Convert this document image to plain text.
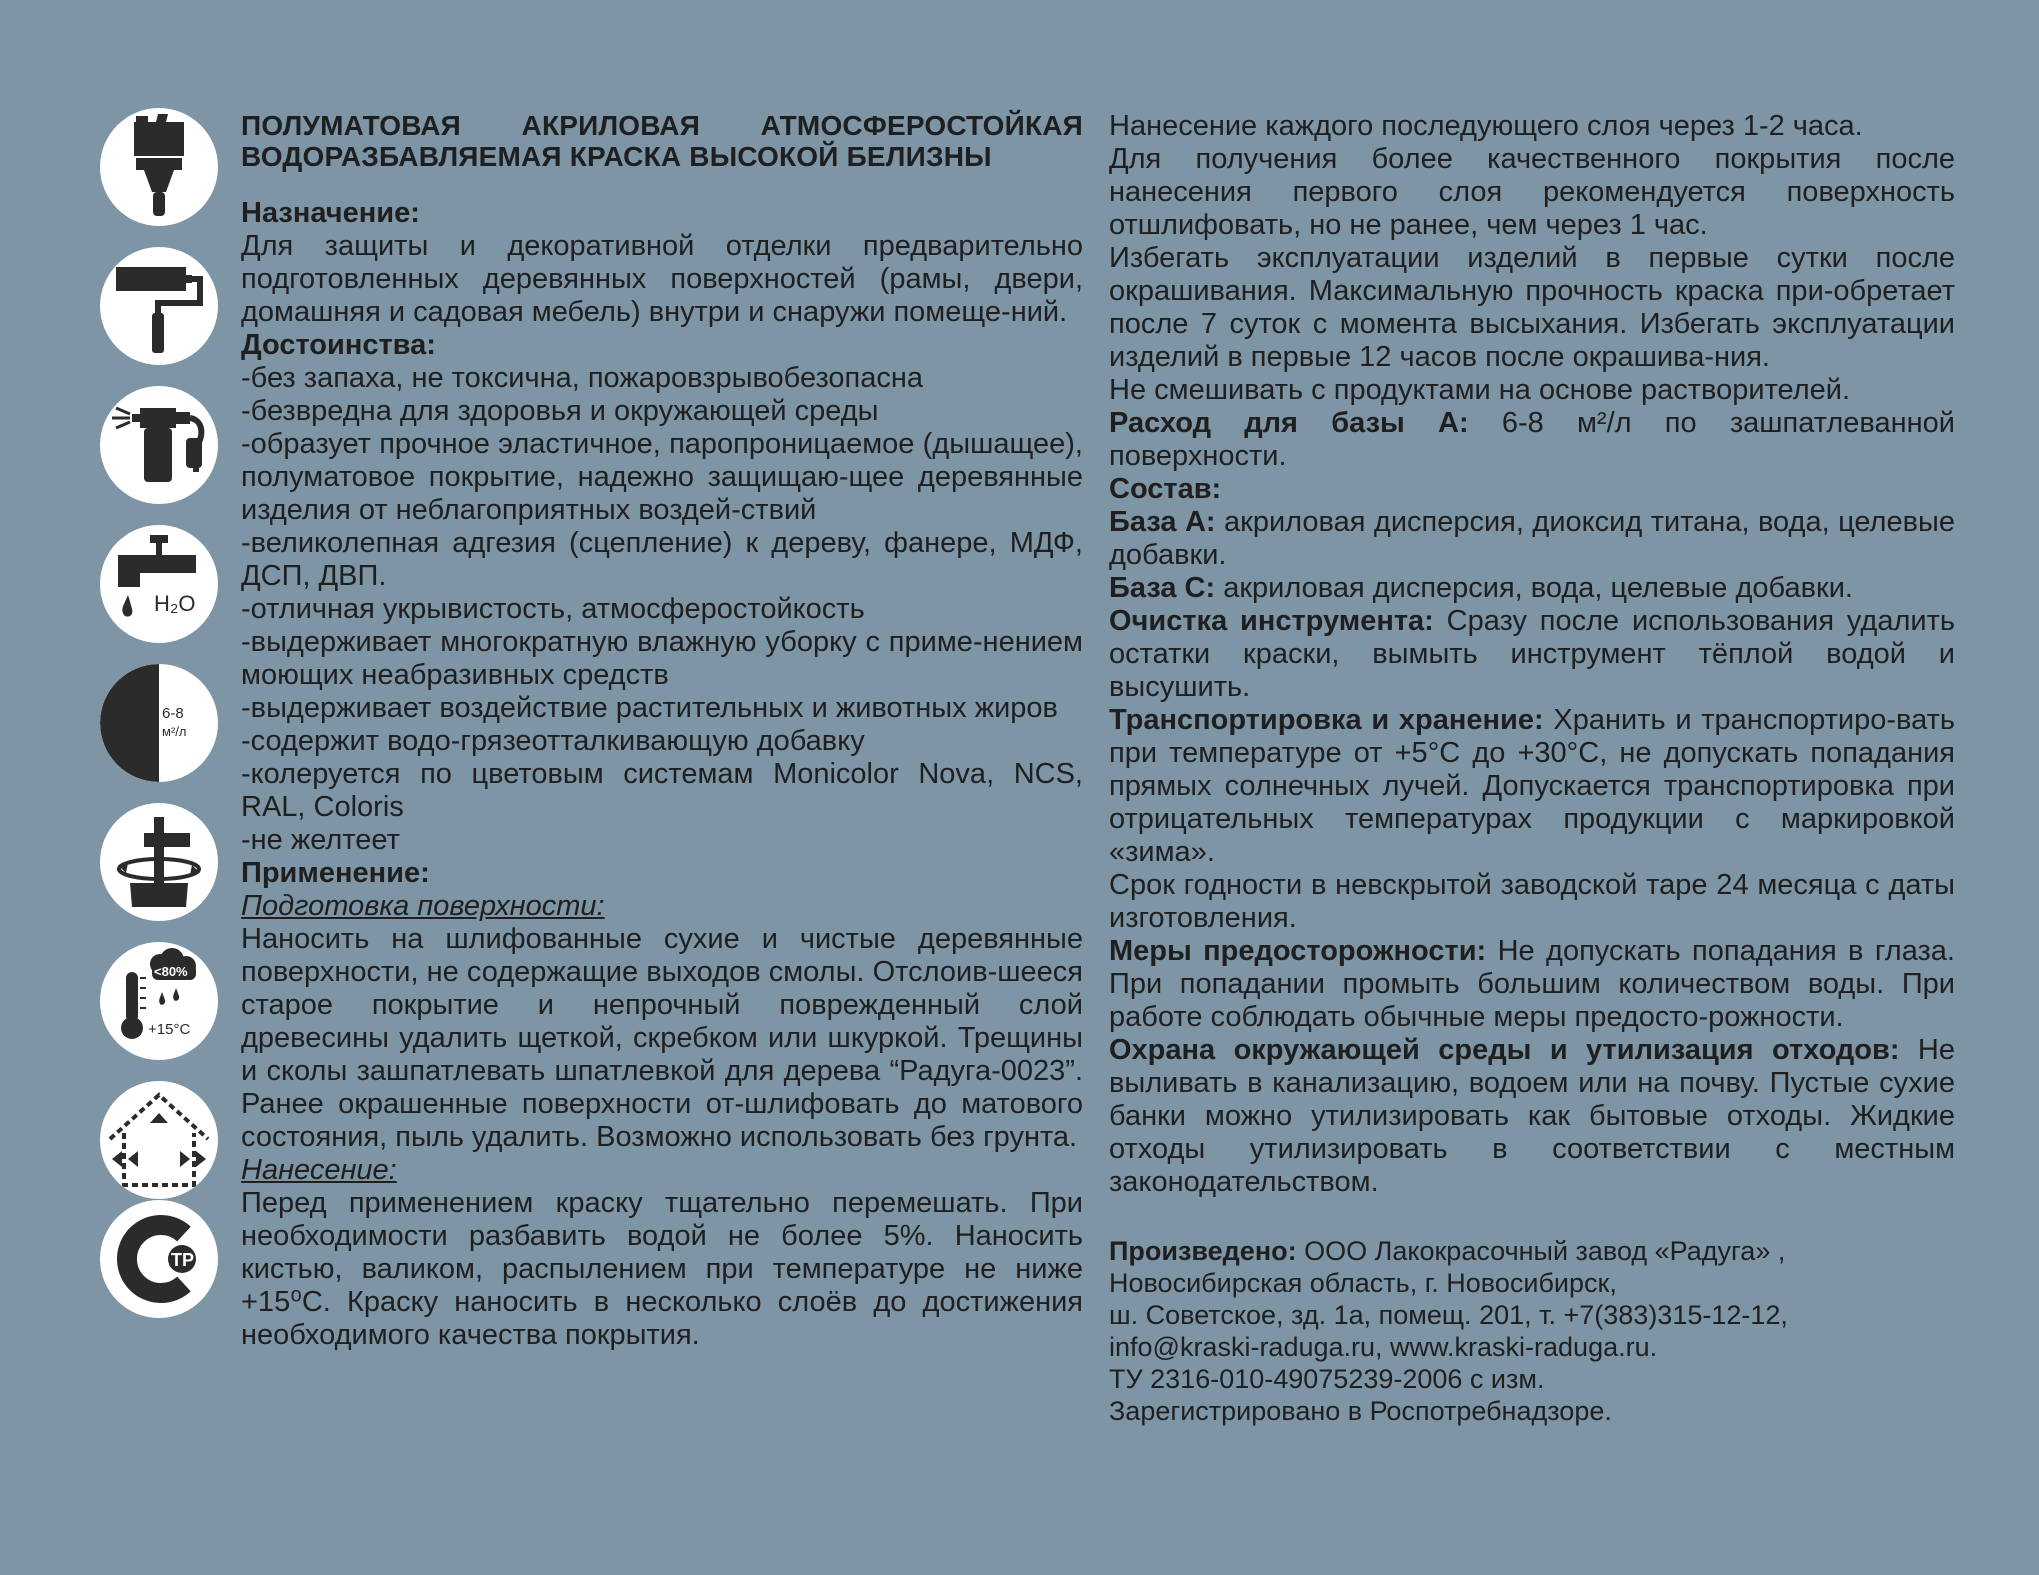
H₂O
6-8
м²/л
<80%
+15°С
ТР
ПОЛУМАТОВАЯ АКРИЛОВАЯ АТМОСФЕРОСТОЙКАЯ ВОДОРАЗБАВЛЯЕМАЯ КРАСКА ВЫСОКОЙ БЕЛИЗНЫ

Назначение:

Для защиты и декоративной отделки предварительно подготовленных деревянных поверхностей (рамы, двери, домашняя и садовая мебель) внутри и снаружи помеще-ний.

Достоинства:

-без запаха, не токсична, пожаровзрывобезопасна

-безвредна для здоровья и окружающей среды

-образует прочное эластичное, паропроницаемое (дышащее), полуматовое покрытие, надежно защищаю-щее деревянные изделия от неблагоприятных воздей-ствий

-великолепная адгезия (сцепление) к дереву, фанере, МДФ, ДСП, ДВП.

-отличная укрывистость, атмосферостойкость

-выдерживает многократную влажную уборку с приме-нением моющих неабразивных средств

-выдерживает воздействие растительных и животных жиров

-содержит водо-грязеотталкивающую добавку

-колеруется по цветовым системам Monicolor Nova, NCS, RAL, Coloris

-не желтеет

Применение:

Подготовка поверхности:

Наносить на шлифованные сухие и чистые деревянные поверхности, не содержащие выходов смолы. Отслоив-шееся старое покрытие и непрочный поврежденный слой древесины удалить щеткой, скребком или шкуркой. Трещины и сколы зашпатлевать шпатлевкой для дерева “Радуга-0023”. Ранее окрашенные поверхности от-шлифовать до матового состояния, пыль удалить. Возможно использовать без грунта.

Нанесение:

Перед применением краску тщательно перемешать. При необходимости разбавить водой не более 5%. Наносить кистью, валиком, распылением при температуре не ниже +15⁰С. Краску наносить в несколько слоёв до достижения необходимого качества покрытия.

Нанесение каждого последующего слоя через 1-2 часа.

Для получения более качественного покрытия после нанесения первого слоя рекомендуется поверхность отшлифовать, но не ранее, чем через 1 час.

Избегать эксплуатации изделий в первые сутки после окрашивания. Максимальную прочность краска при-обретает после 7 суток с момента высыхания. Избегать эксплуатации изделий в первые 12 часов после окрашива-ния.

Не смешивать с продуктами на основе растворителей.

Расход для базы А: 6-8 м²/л по зашпатлеванной поверхности.

Состав:

База А: акриловая дисперсия, диоксид титана, вода, целевые добавки.

База С: акриловая дисперсия, вода, целевые добавки.

Очистка инструмента: Сразу после использования удалить остатки краски, вымыть инструмент тёплой водой и высушить.

Транспортировка и хранение: Хранить и транспортиро-вать при температуре от +5°С до +30°С, не допускать попадания прямых солнечных лучей. Допускается транспортировка при отрицательных температурах продукции с маркировкой «зима».

Срок годности в невскрытой заводской таре 24 месяца с даты изготовления.

Меры предосторожности: Не допускать попадания в глаза. При попадании промыть большим количеством воды. При работе соблюдать обычные меры предосто-рожности.

Охрана окружающей среды и утилизация отходов: Не выливать в канализацию, водоем или на почву. Пустые сухие банки можно утилизировать как бытовые отходы. Жидкие отходы утилизировать в соответствии с местным законодательством.

Произведено: ООО Лакокрасочный завод «Радуга» ,
Новосибирская область, г. Новосибирск,
ш. Советское, зд. 1а, помещ. 201, т. +7(383)315-12-12,
info@kraski-raduga.ru, www.kraski-raduga.ru.
ТУ 2316-010-49075239-2006 с изм.
Зарегистрировано в Роспотребнадзоре.
